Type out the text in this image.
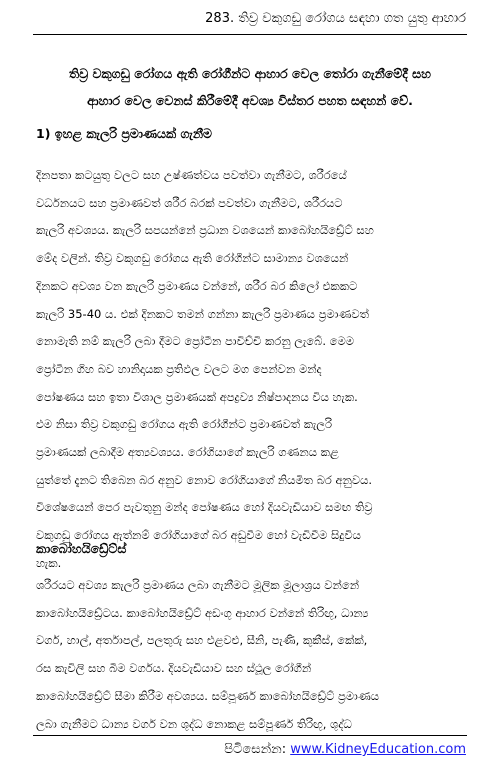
283. තිව්‍ර වකුගඩු රෝගය සඳහා ගත යුතු ආහාර
තිව්‍ර වකුගඩු රෝගය ඇති රෝගීන්ට ආහාර වෙල තෝරා ගැනීමේදී සහ
ආහාර වෙල වෙනස් කිරීමේදී අවශ්‍ය විස්තර පහත සඳහන් වේ.
1) ඉහළ කැලරි ප්‍රමාණයක් ගැනීම
දිනපතා කටයුතු වලට සහ උෂ්ණත්වය පවත්වා ගැනීමට, ශරීරයේ
වර්ධනයට සහ ප්‍රමාණවත් ශරීර බරක් පවත්වා ගැනීමට, ශරීරයට
කැලරි අවශ්‍යය. කැලරි සපයන්නේ ප්‍රධාන වශයෙන් කාබෝහයිඩ්‍රේට් සහ
මේද වලින්. තිව්‍ර වකුගඩු රෝගය ඇති රෝගීන්ට සාමාන්‍ය වශයෙන්
දිනකට අවශ්‍ය වන කැලරි ප්‍රමාණය වන්නේ, ශරීර බර කිලෝ එකකට
කැලරි 35-40 ය. එක් දිනකට තමන් ගන්නා කැලරි ප්‍රමාණය ප්‍රමාණවත්
නොමැති නම් කැලරි ලබා දීමට ප්‍රෝටීන පාවිච්චි කරනු ලැබේ. මෙම
ප්‍රෝටීන ගිහ බව හානිදායක ප්‍රතිඵල වලට මග පෙන්වන මන්ද
පෝෂණය සහ ඉතා විශාල ප්‍රමාණයක් අපද්‍රව්‍ය නිෂ්පාදනය විය හැක.
එම නිසා තිව්‍ර වකුගඩු රෝගය ඇති රෝගීන්ට ප්‍රමාණවත් කැලරි
ප්‍රමාණයක් ලබාදීම අත්‍යවශ්‍යය. රෝගියාගේ කැලරි ගණනය කළ
යුත්තේ දැනට තිබෙන බර අනුව නොව රෝගියාගේ නියමිත බර අනුවය.
විශේෂයෙන් පෙර පැවතුනු මන්ද පෝෂණය හෝ දියවැඩියාව සමඟ තිව්‍ර
වකුගඩු රෝගය ඇත්නම් රෝගියාගේ බර අඩුවීම හෝ වැඩිවීම සිදුවිය
හැක.
කාබෝහයිඩ්‍රේට්ස්
ශරීරයට අවශ්‍ය කැලරි ප්‍රමාණය ලබා ගැනීමට මූලික මූලාශ්‍රය වන්නේ
කාබෝහයිඩ්‍රේටය. කාබෝහයිඩ්‍රේට් අඩංගු ආහාර වන්නේ තිරිඟු, ධාන්‍ය
වර්ග, හාල්, අර්තාපල්, පලතුරු සහ එළවළු, සීනි, පැණි, කුකීස්, කේක්,
රස කැවිලි සහ බීම වර්ගය. දියවැඩියාව සහ ස්ථූල රෝගීන්
කාබෝහයිඩ්‍රේට් සීමා කිරීම අවශ්‍යය. සම්පූර්ණ කාබෝහයිඩ්‍රේට් ප්‍රමාණය
ලබා ගැනීමට ධාන්‍ය වර්ග වන ශුද්ධ නොකළ සම්පූර්ණ තිරිඟු, ශුද්ධ
පිටිසෙන්න: www.KidneyEducation.com
